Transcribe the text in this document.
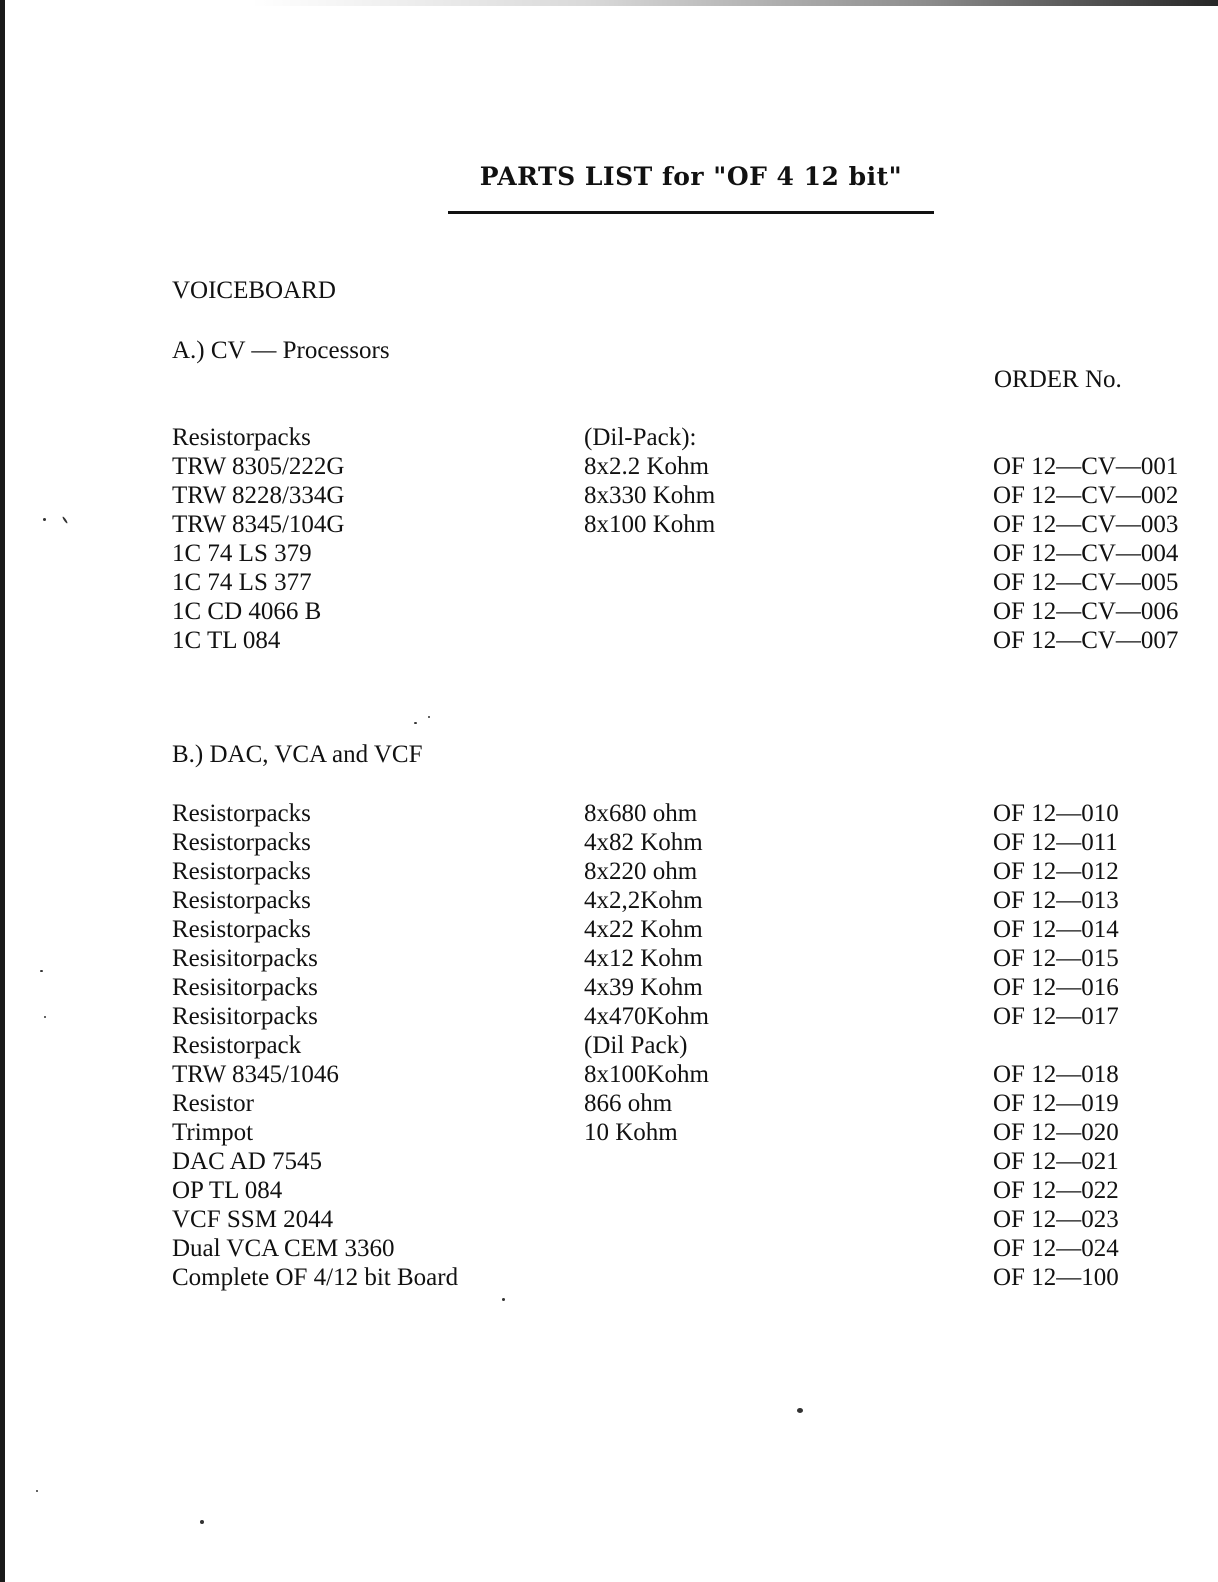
PARTS LIST for "OF 4 12 bit"
VOICEBOARD
A.) CV — Processors
ORDER No.
Resistorpacks	(Dil-Pack):
TRW 8305/222G	8x2.2 Kohm	OF 12—CV—001
TRW 8228/334G	8x330 Kohm	OF 12—CV—002
TRW 8345/104G	8x100 Kohm	OF 12—CV—003
1C 74 LS 379	OF 12—CV—004
1C 74 LS 377	OF 12—CV—005
1C CD 4066 B	OF 12—CV—006
1C TL 084	OF 12—CV—007
B.) DAC, VCA and VCF
Resistorpacks	8x680 ohm	OF 12—010
Resistorpacks	4x82 Kohm	OF 12—011
Resistorpacks	8x220 ohm	OF 12—012
Resistorpacks	4x2,2Kohm	OF 12—013
Resistorpacks	4x22 Kohm	OF 12—014
Resisitorpacks	4x12 Kohm	OF 12—015
Resisitorpacks	4x39 Kohm	OF 12—016
Resisitorpacks	4x470Kohm	OF 12—017
Resistorpack	(Dil Pack)
TRW 8345/1046	8x100Kohm	OF 12—018
Resistor	866 ohm	OF 12—019
Trimpot	10 Kohm	OF 12—020
DAC AD 7545	OF 12—021
OP TL 084	OF 12—022
VCF SSM 2044	OF 12—023
Dual VCA CEM 3360	OF 12—024
Complete OF 4/12 bit Board	OF 12—100
